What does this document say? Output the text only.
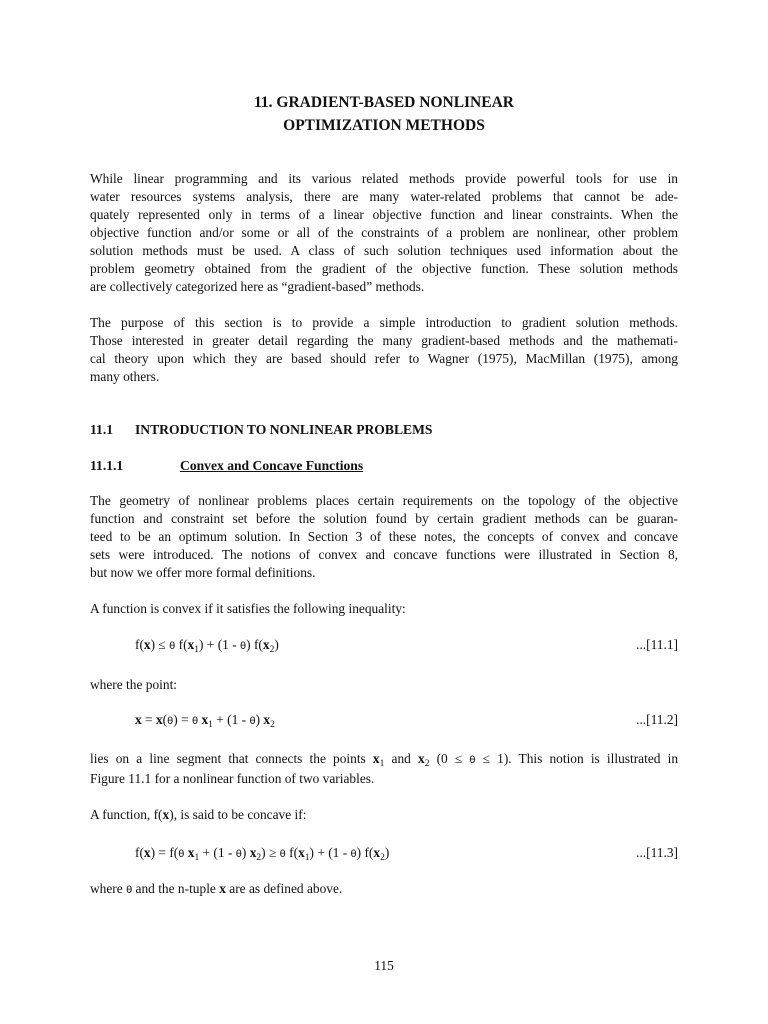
11. GRADIENT-BASED NONLINEAR
OPTIMIZATION METHODS

While linear programming and its various related methods provide powerful tools for use in
water resources systems analysis, there are many water-related problems that cannot be ade-
quately represented only in terms of a linear objective function and linear constraints. When the
objective function and/or some or all of the constraints of a problem are nonlinear, other problem
solution methods must be used. A class of such solution techniques used information about the
problem geometry obtained from the gradient of the objective function. These solution methods
are collectively categorized here as “gradient-based” methods.

The purpose of this section is to provide a simple introduction to gradient solution methods.
Those interested in greater detail regarding the many gradient-based methods and the mathemati-
cal theory upon which they are based should refer to Wagner (1975), MacMillan (1975), among
many others.

11.1 INTRODUCTION TO NONLINEAR PROBLEMS
11.1.1	Convex and Concave Functions

The geometry of nonlinear problems places certain requirements on the topology of the objective
function and constraint set before the solution found by certain gradient methods can be guaran-
teed to be an optimum solution. In Section 3 of these notes, the concepts of convex and concave
sets were introduced. The notions of convex and concave functions were illustrated in Section 8,
but now we offer more formal definitions.

A function is convex if it satisfies the following inequality:

f(x) ≤ θ $f(x_1) + (1 - \theta)$ $f(x_2)$	...[11.1]

where the point:

x = x(θ) = θ $x_1 + (1 - \theta)$ $x_2$	...[11.2]

lies on a line segment that connects the points $x_1$ and $x_2$ (0 ≤ θ ≤ 1). This notion is illustrated in
Figure 11.1 for a nonlinear function of two variables.

A function, f(x), is said to be concave if:

f(x) = f(θ $x_1 + (1 - \theta) x_2) \ge \theta$ $f(x_1) + (1 - \theta)$ $f(x_2)$	...[11.3]

where θ and the n-tuple x are as defined above.

115
